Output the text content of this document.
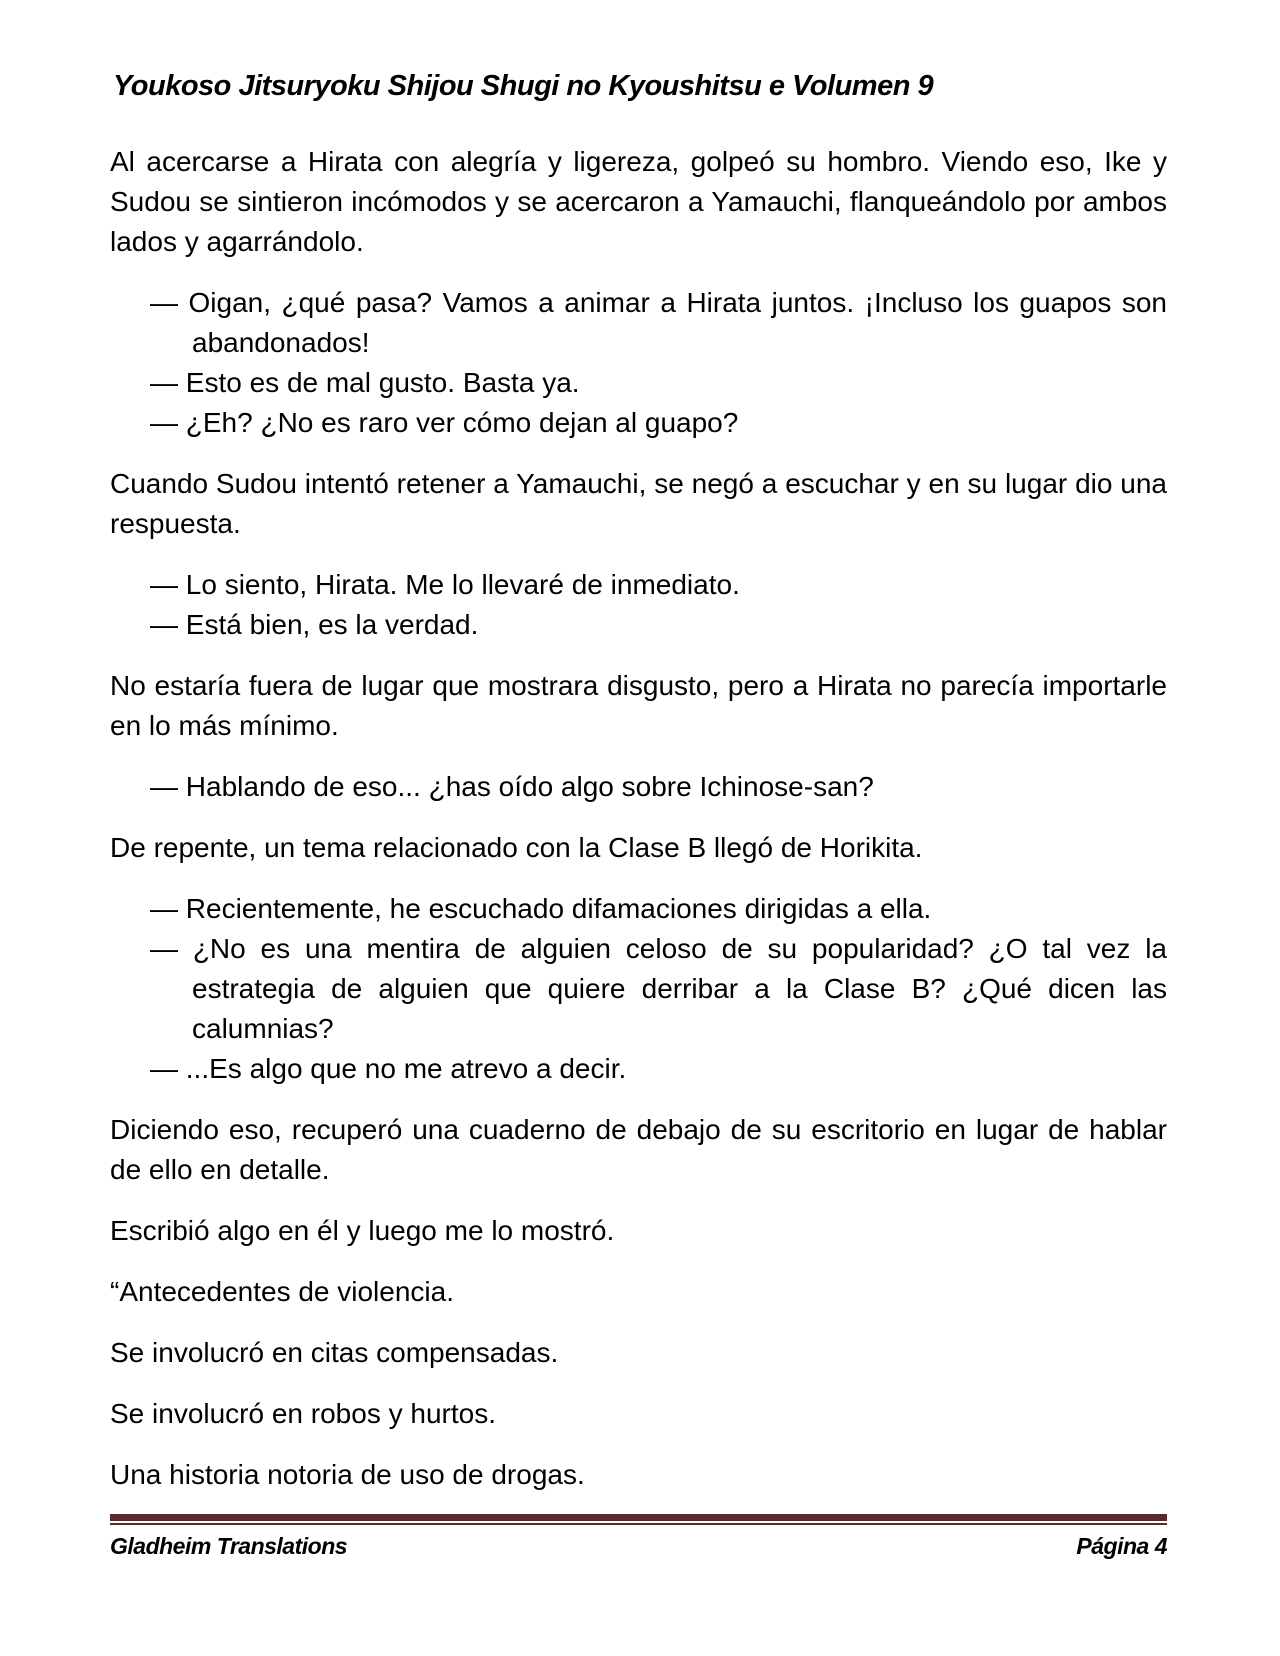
Youkoso Jitsuryoku Shijou Shugi no Kyoushitsu e Volumen 9

Al acercarse a Hirata con alegría y ligereza, golpeó su hombro. Viendo eso, Ike y Sudou se sintieron incómodos y se acercaron a Yamauchi, flanqueándolo por ambos lados y agarrándolo.

— Oigan, ¿qué pasa? Vamos a animar a Hirata juntos. ¡Incluso los guapos son abandonados!
— Esto es de mal gusto. Basta ya.
— ¿Eh? ¿No es raro ver cómo dejan al guapo?

Cuando Sudou intentó retener a Yamauchi, se negó a escuchar y en su lugar dio una respuesta.

— Lo siento, Hirata. Me lo llevaré de inmediato.
— Está bien, es la verdad.

No estaría fuera de lugar que mostrara disgusto, pero a Hirata no parecía importarle en lo más mínimo.

— Hablando de eso... ¿has oído algo sobre Ichinose-san?

De repente, un tema relacionado con la Clase B llegó de Horikita.

— Recientemente, he escuchado difamaciones dirigidas a ella.
— ¿No es una mentira de alguien celoso de su popularidad? ¿O tal vez la estrategia de alguien que quiere derribar a la Clase B? ¿Qué dicen las calumnias?
— ...Es algo que no me atrevo a decir.

Diciendo eso, recuperó una cuaderno de debajo de su escritorio en lugar de hablar de ello en detalle.

Escribió algo en él y luego me lo mostró.

“Antecedentes de violencia.

Se involucró en citas compensadas.

Se involucró en robos y hurtos.

Una historia notoria de uso de drogas.

Gladheim Translations	Página 4
